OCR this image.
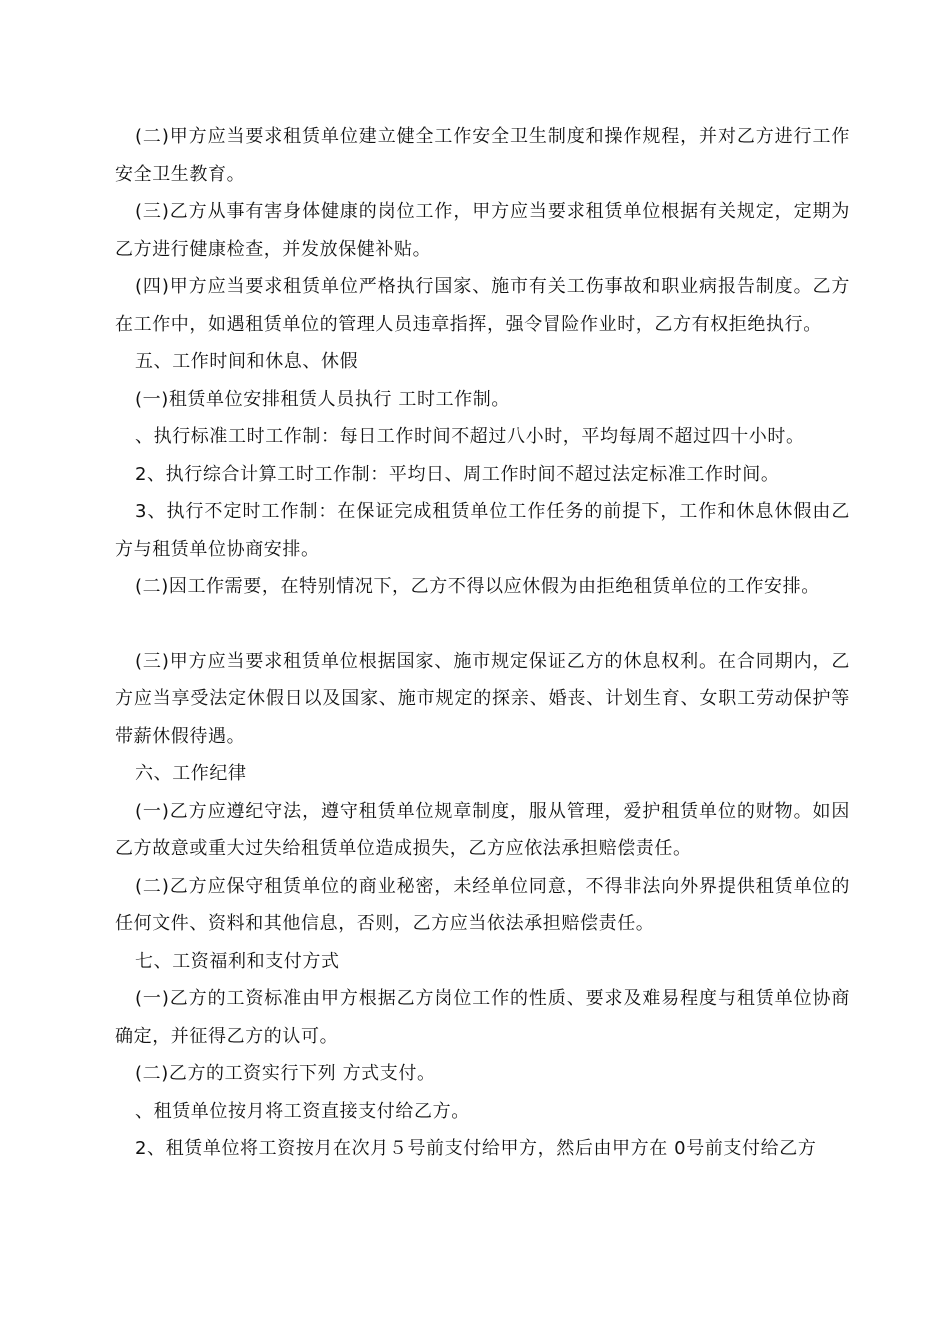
(二)甲方应当要求租赁单位建立健全工作安全卫生制度和操作规程，并对乙方进行工作安全卫生教育。

(三)乙方从事有害身体健康的岗位工作，甲方应当要求租赁单位根据有关规定，定期为乙方进行健康检查，并发放保健补贴。

(四)甲方应当要求租赁单位严格执行国家、施市有关工伤事故和职业病报告制度。乙方在工作中，如遇租赁单位的管理人员违章指挥，强令冒险作业时，乙方有权拒绝执行。

五、工作时间和休息、休假

(一)租赁单位安排租赁人员执行 工时工作制。

、执行标准工时工作制：每日工作时间不超过八小时，平均每周不超过四十小时。

2、执行综合计算工时工作制：平均日、周工作时间不超过法定标准工作时间。

3、执行不定时工作制：在保证完成租赁单位工作任务的前提下，工作和休息休假由乙方与租赁单位协商安排。

(二)因工作需要，在特别情况下，乙方不得以应休假为由拒绝租赁单位的工作安排。

(三)甲方应当要求租赁单位根据国家、施市规定保证乙方的休息权利。在合同期内，乙方应当享受法定休假日以及国家、施市规定的探亲、婚丧、计划生育、女职工劳动保护等带薪休假待遇。

六、工作纪律

(一)乙方应遵纪守法，遵守租赁单位规章制度，服从管理，爱护租赁单位的财物。如因乙方故意或重大过失给租赁单位造成损失，乙方应依法承担赔偿责任。

(二)乙方应保守租赁单位的商业秘密，未经单位同意，不得非法向外界提供租赁单位的任何文件、资料和其他信息，否则，乙方应当依法承担赔偿责任。

七、工资福利和支付方式

(一)乙方的工资标准由甲方根据乙方岗位工作的性质、要求及难易程度与租赁单位协商确定，并征得乙方的认可。

(二)乙方的工资实行下列 方式支付。

、租赁单位按月将工资直接支付给乙方。

2、租赁单位将工资按月在次月５号前支付给甲方，然后由甲方在 0号前支付给乙方
